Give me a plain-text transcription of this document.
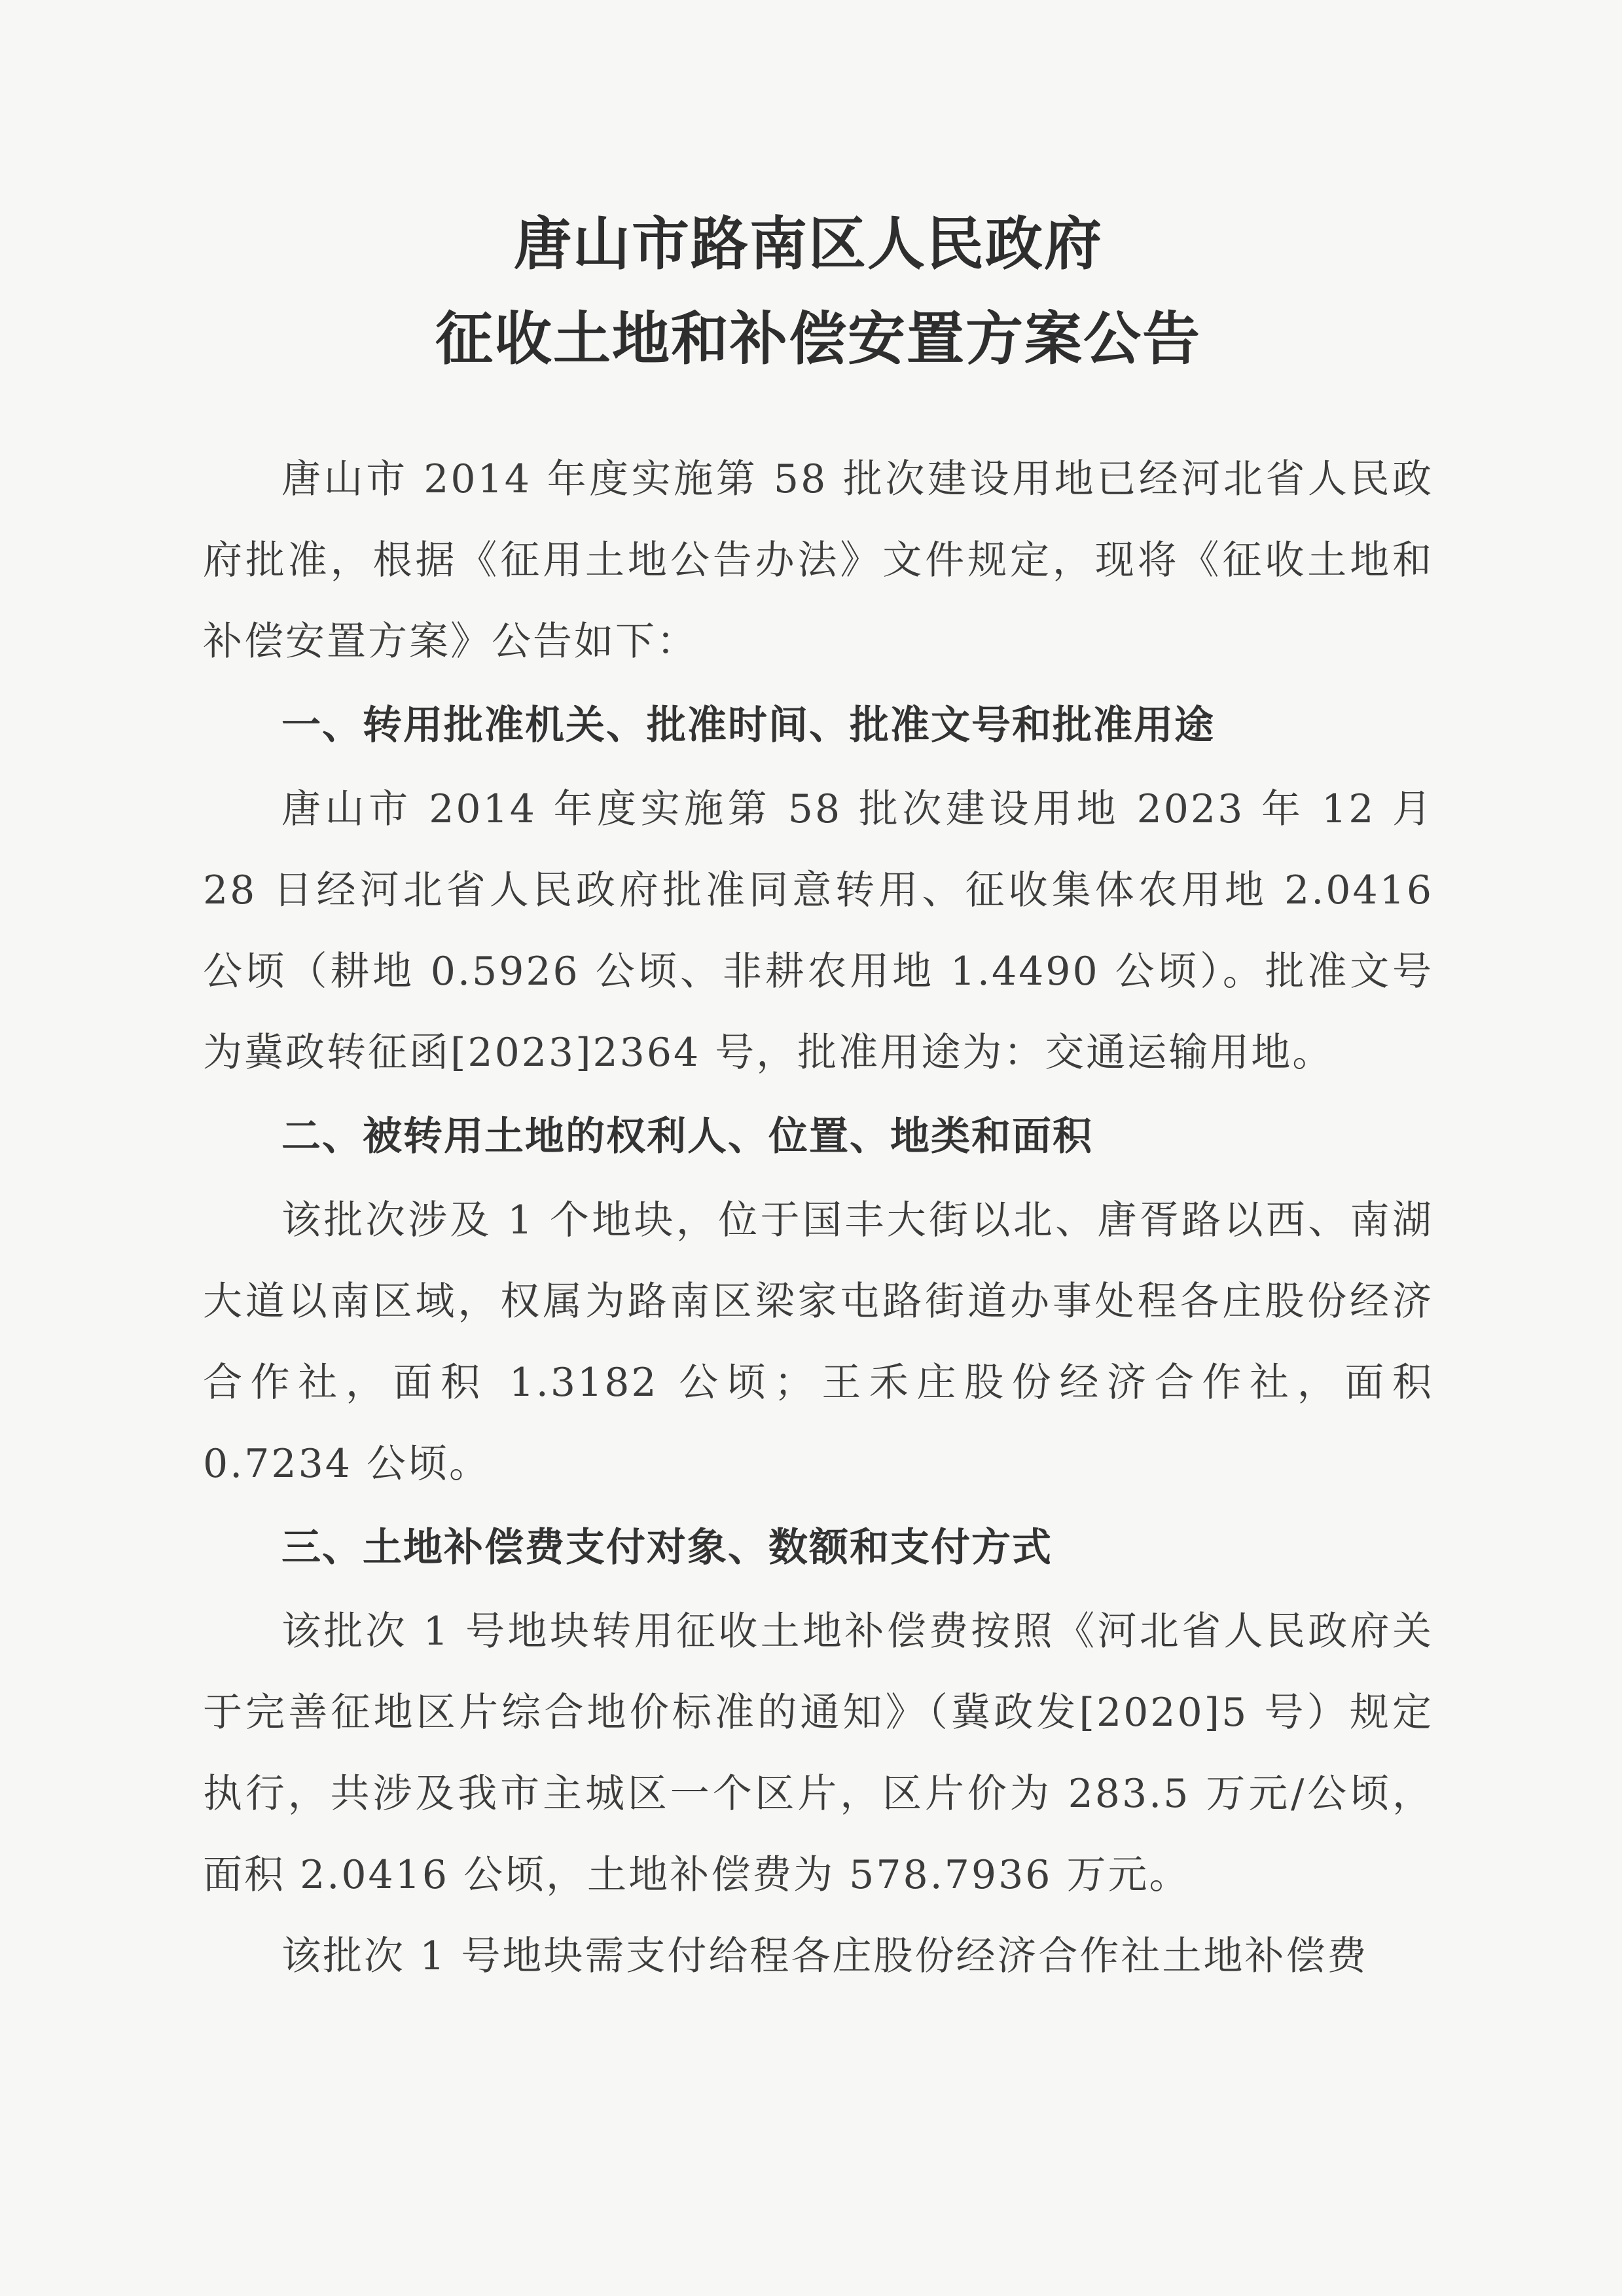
唐山市路南区人民政府
征收土地和补偿安置方案公告

唐山市 2014 年度实施第 58 批次建设用地已经河北省人民政府批准，根据《征用土地公告办法》文件规定，现将《征收土地和补偿安置方案》公告如下：

一、转用批准机关、批准时间、批准文号和批准用途

唐山市 2014 年度实施第 58 批次建设用地 2023 年 12 月 28 日经河北省人民政府批准同意转用、征收集体农用地 2.0416 公顷（耕地 0.5926 公顷、非耕农用地 1.4490 公顷）。批准文号为冀政转征函[2023]2364 号，批准用途为：交通运输用地。

二、被转用土地的权利人、位置、地类和面积

该批次涉及 1 个地块，位于国丰大街以北、唐胥路以西、南湖大道以南区域，权属为路南区梁家屯路街道办事处程各庄股份经济合作社，面积 1.3182 公顷；王禾庄股份经济合作社，面积 0.7234 公顷。

三、土地补偿费支付对象、数额和支付方式

该批次 1 号地块转用征收土地补偿费按照《河北省人民政府关于完善征地区片综合地价标准的通知》（冀政发[2020]5 号）规定执行，共涉及我市主城区一个区片，区片价为 283.5 万元/公顷，面积 2.0416 公顷，土地补偿费为 578.7936 万元。

该批次 1 号地块需支付给程各庄股份经济合作社土地补偿费
